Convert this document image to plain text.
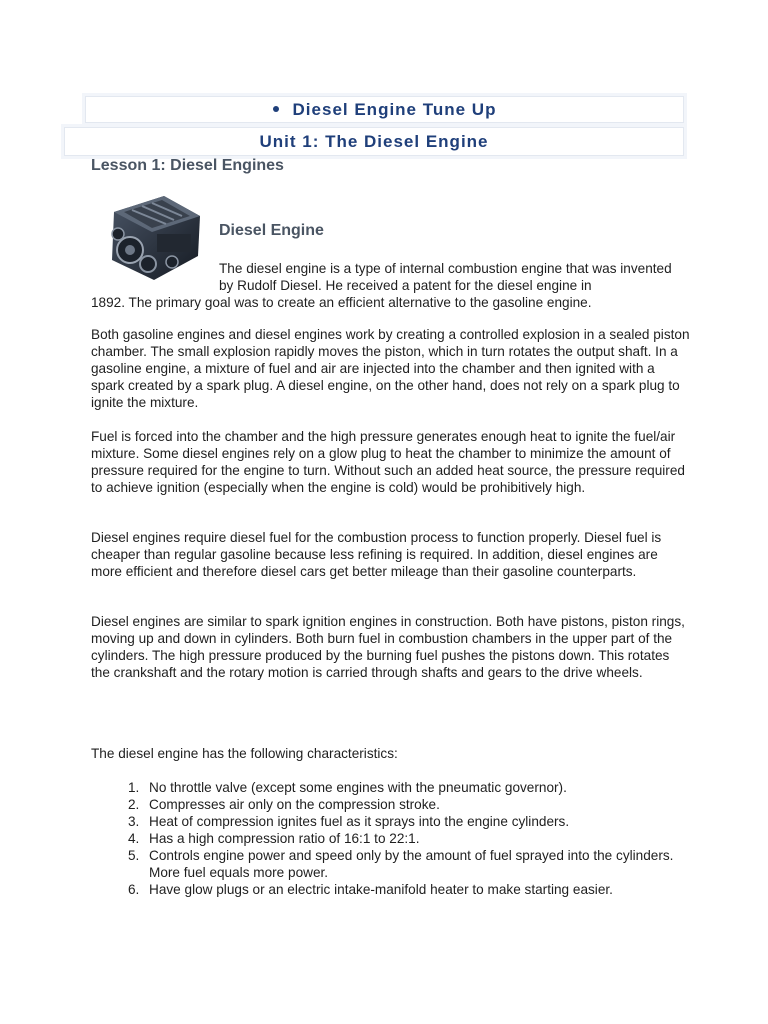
Diesel Engine Tune Up
Unit 1: The Diesel Engine
Lesson 1: Diesel Engines
Diesel Engine

The diesel engine is a type of internal combustion engine that was invented by Rudolf Diesel. He received a patent for the diesel engine in

1892. The primary goal was to create an efficient alternative to the gasoline engine.

Both gasoline engines and diesel engines work by creating a controlled explosion in a sealed piston chamber. The small explosion rapidly moves the piston, which in turn rotates the output shaft. In a gasoline engine, a mixture of fuel and air are injected into the chamber and then ignited with a spark created by a spark plug. A diesel engine, on the other hand, does not rely on a spark plug to ignite the mixture.

Fuel is forced into the chamber and the high pressure generates enough heat to ignite the fuel/air mixture. Some diesel engines rely on a glow plug to heat the chamber to minimize the amount of pressure required for the engine to turn. Without such an added heat source, the pressure required to achieve ignition (especially when the engine is cold) would be prohibitively high.

Diesel engines require diesel fuel for the combustion process to function properly. Diesel fuel is cheaper than regular gasoline because less refining is required. In addition, diesel engines are more efficient and therefore diesel cars get better mileage than their gasoline counterparts.

Diesel engines are similar to spark ignition engines in construction. Both have pistons, piston rings, moving up and down in cylinders. Both burn fuel in combustion chambers in the upper part of the cylinders. The high pressure produced by the burning fuel pushes the pistons down. This rotates the crankshaft and the rotary motion is carried through shafts and gears to the drive wheels.

The diesel engine has the following characteristics:

1. No throttle valve (except some engines with the pneumatic governor).
2. Compresses air only on the compression stroke.
3. Heat of compression ignites fuel as it sprays into the engine cylinders.
4. Has a high compression ratio of 16:1 to 22:1.
5. Controls engine power and speed only by the amount of fuel sprayed into the cylinders. More fuel equals more power.
6. Have glow plugs or an electric intake-manifold heater to make starting easier.
